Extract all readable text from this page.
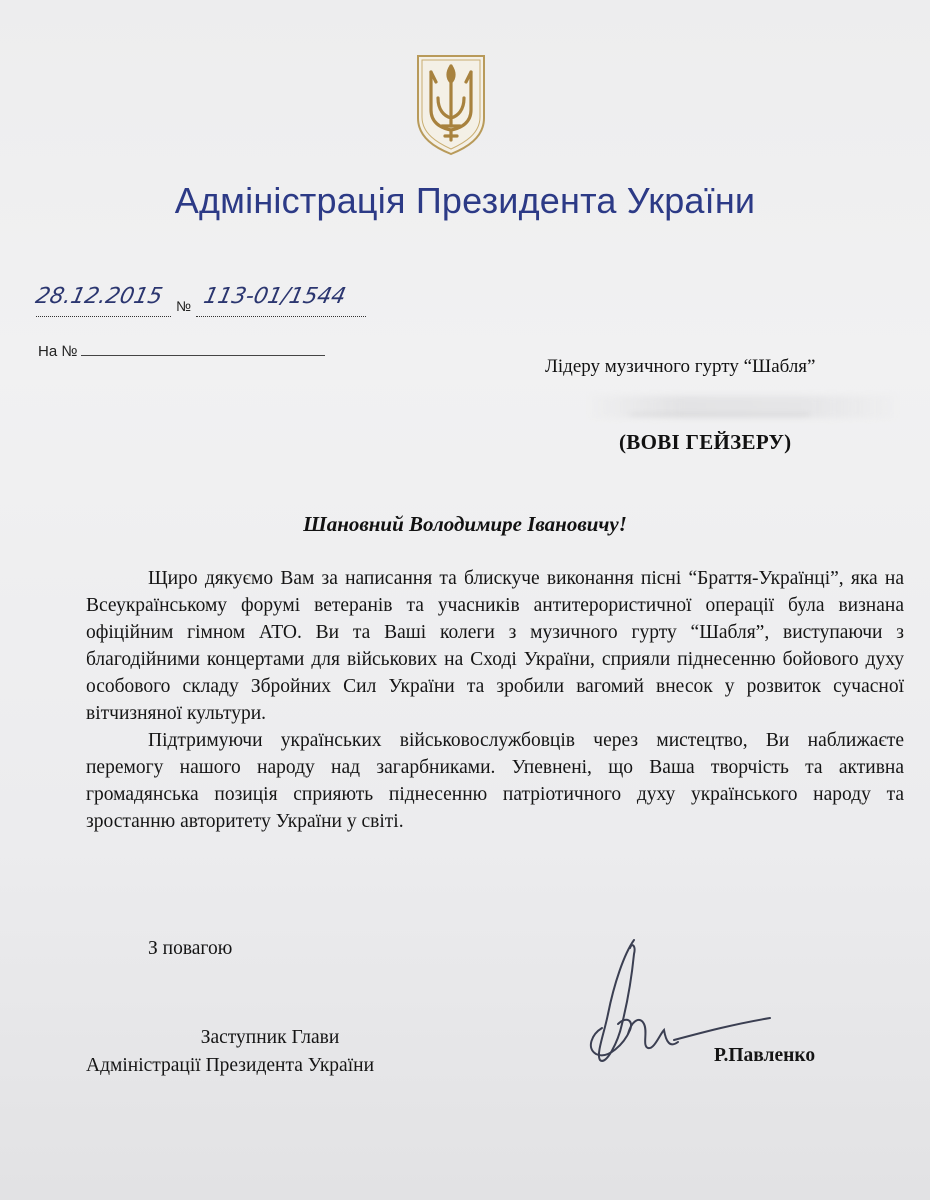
Адміністрація Президента України
28.12.2015 № 113-01/1544
На №
Лідеру музичного гурту “Шабля”
(ВОВІ ГЕЙЗЕРУ)
Шановний Володимире Івановичу!

Щиро дякуємо Вам за написання та блискуче виконання пісні “Браття-Українці”, яка на Всеукраїнському форумі ветеранів та учасників антитерористичної операції була визнана офіційним гімном АТО. Ви та Ваші колеги з музичного гурту “Шабля”, виступаючи з благодійними концертами для військових на Сході України, сприяли піднесенню бойового духу особового складу Збройних Сил України та зробили вагомий внесок у розвиток сучасної вітчизняної культури.

Підтримуючи українських військовослужбовців через мистецтво, Ви наближаєте перемогу нашого народу над загарбниками. Упевнені, що Ваша творчість та активна громадянська позиція сприяють піднесенню патріотичного духу українського народу та зростанню авторитету України у світі.

З повагою
Заступник Глави
Адміністрації Президента України	Р.Павленко
